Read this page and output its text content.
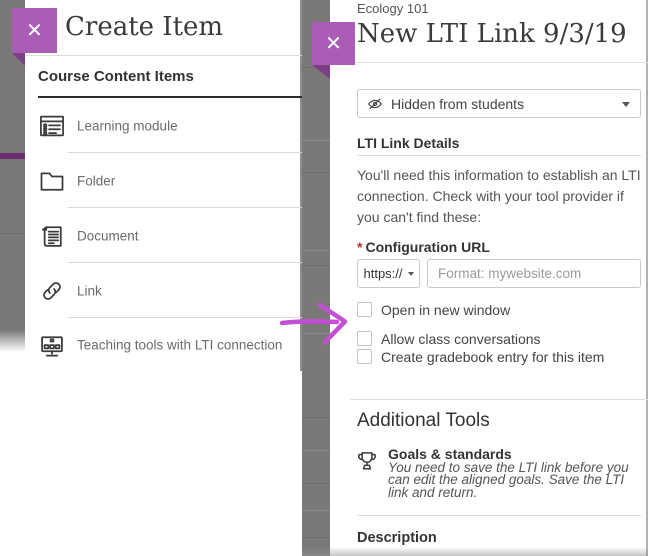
✕ Create Item
Course Content Items
Learning module
Folder
Document
Link
Teaching tools with LTI connection
✕
Ecology 101
New LTI Link 9/3/19
Hidden from students
LTI Link Details
You'll need this information to establish an LTI connection. Check with your tool provider if you can't find these:
* Configuration URL
https://
Format: mywebsite.com
Open in new window
Allow class conversations
Create gradebook entry for this item
Additional Tools
Goals & standards
You need to save the LTI link before you can edit the aligned goals. Save the LTI link and return.
Description
